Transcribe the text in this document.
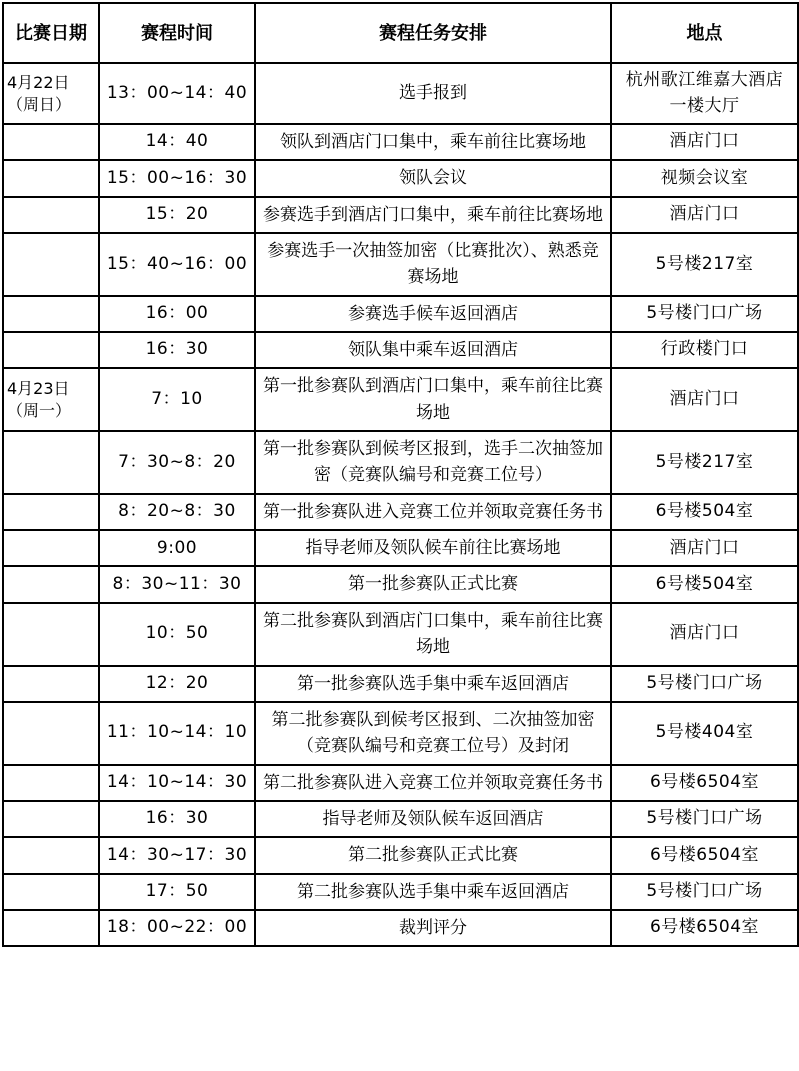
比赛日期	赛程时间	赛程任务安排	地点
4月22日
（周日）	13：00~14：40	选手报到	杭州歌江维嘉大酒店一楼大厅
	14：40	领队到酒店门口集中，乘车前往比赛场地	酒店门口
	15：00~16：30	领队会议	视频会议室
	15：20	参赛选手到酒店门口集中，乘车前往比赛场地	酒店门口
	15：40~16：00	参赛选手一次抽签加密（比赛批次）、熟悉竞赛场地	5号楼217室
	16：00	参赛选手候车返回酒店	5号楼门口广场
	16：30	领队集中乘车返回酒店	行政楼门口
4月23日
（周一）	7：10	第一批参赛队到酒店门口集中，乘车前往比赛场地	酒店门口
	7：30~8：20	第一批参赛队到候考区报到，选手二次抽签加密（竞赛队编号和竞赛工位号）	5号楼217室
	8：20~8：30	第一批参赛队进入竞赛工位并领取竞赛任务书	6号楼504室
	9:00	指导老师及领队候车前往比赛场地	酒店门口
	8：30~11：30	第一批参赛队正式比赛	6号楼504室
	10：50	第二批参赛队到酒店门口集中，乘车前往比赛场地	酒店门口
	12：20	第一批参赛队选手集中乘车返回酒店	5号楼门口广场
	11：10~14：10	第二批参赛队到候考区报到、二次抽签加密（竞赛队编号和竞赛工位号）及封闭	5号楼404室
	14：10~14：30	第二批参赛队进入竞赛工位并领取竞赛任务书	6号楼6504室
	16：30	指导老师及领队候车返回酒店	5号楼门口广场
	14：30~17：30	第二批参赛队正式比赛	6号楼6504室
	17：50	第二批参赛队选手集中乘车返回酒店	5号楼门口广场
	18：00~22：00	裁判评分	6号楼6504室
